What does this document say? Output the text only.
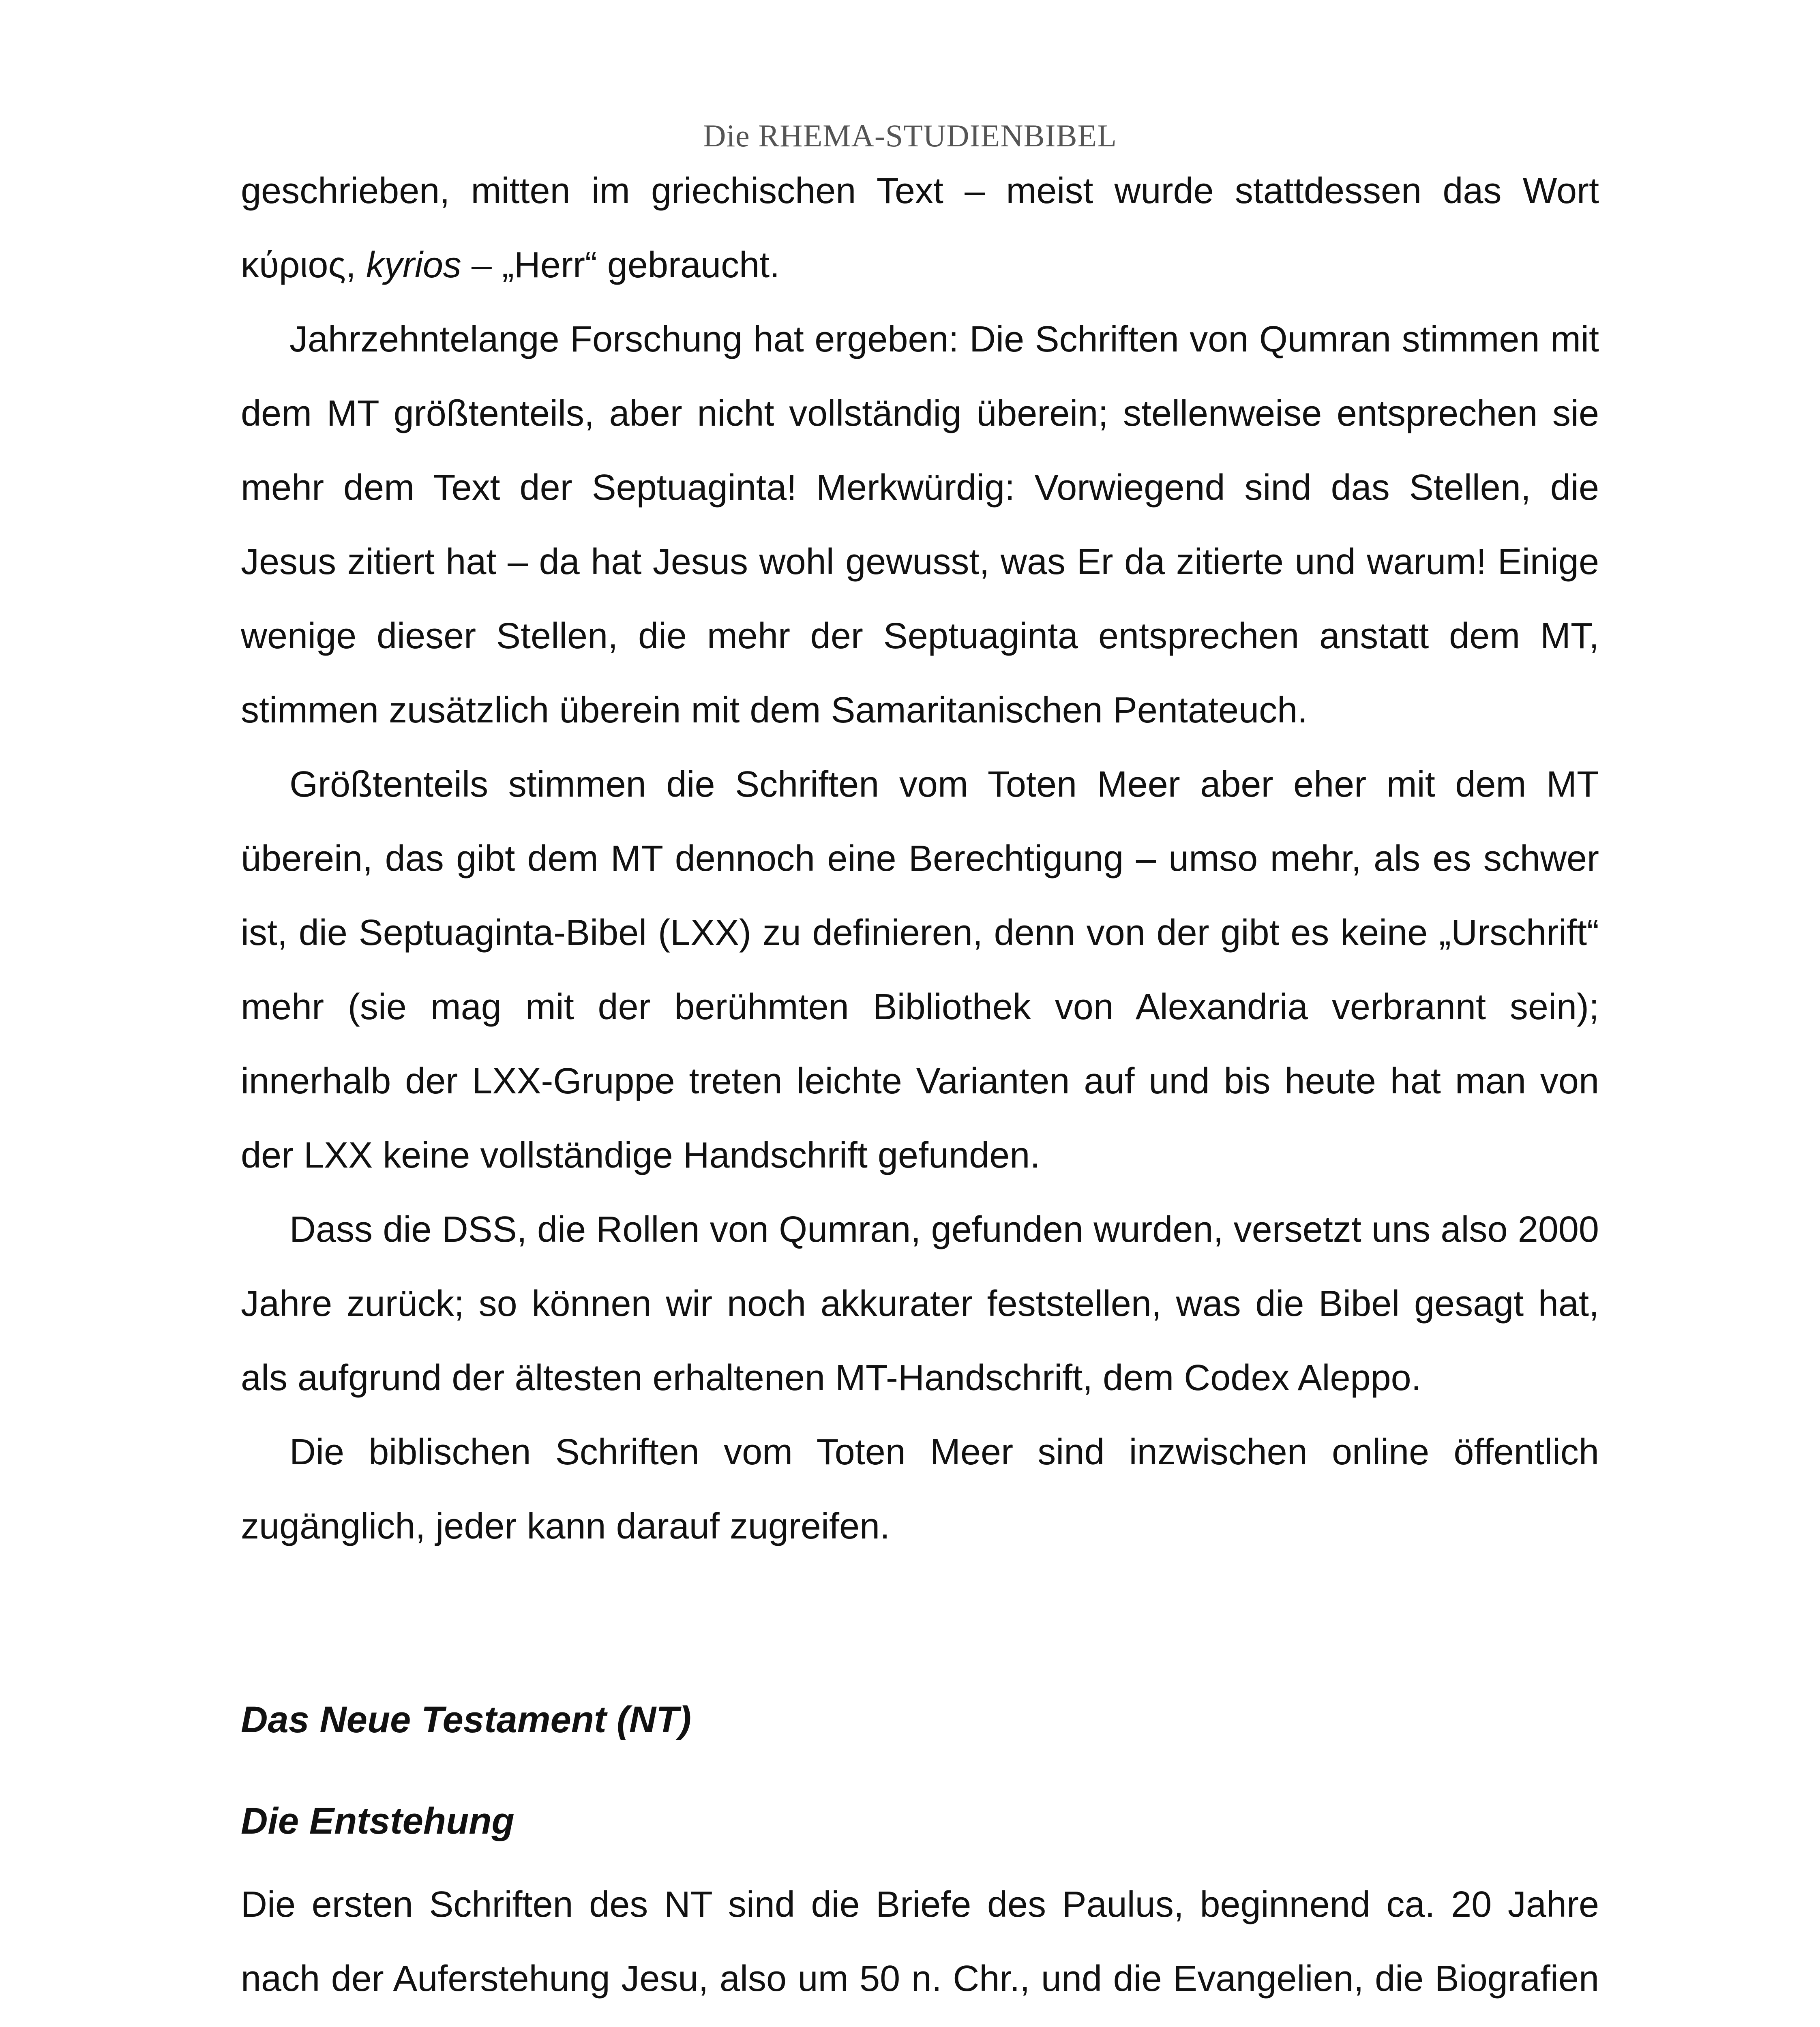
Die RHEMA-STUDIENBIBEL

geschrieben, mitten im griechischen Text – meist wurde stattdessen das Wort κύριος, kyrios – „Herr“ gebraucht.

Jahrzehntelange Forschung hat ergeben: Die Schriften von Qumran stimmen mit dem MT größtenteils, aber nicht vollständig überein; stellenweise entsprechen sie mehr dem Text der Septuaginta! Merkwürdig: Vorwiegend sind das Stellen, die Jesus zitiert hat – da hat Jesus wohl gewusst, was Er da zitierte und warum! Einige wenige dieser Stellen, die mehr der Septuaginta entsprechen anstatt dem MT, stimmen zusätzlich überein mit dem Samaritanischen Pentateuch.

Größtenteils stimmen die Schriften vom Toten Meer aber eher mit dem MT überein, das gibt dem MT dennoch eine Berechtigung – umso mehr, als es schwer ist, die Septuaginta-Bibel (LXX) zu definieren, denn von der gibt es keine „Urschrift“ mehr (sie mag mit der berühmten Bibliothek von Alexandria verbrannt sein); innerhalb der LXX-Gruppe treten leichte Varianten auf und bis heute hat man von der LXX keine vollständige Handschrift gefunden.

Dass die DSS, die Rollen von Qumran, gefunden wurden, versetzt uns also 2000 Jahre zurück; so können wir noch akkurater feststellen, was die Bibel gesagt hat, als aufgrund der ältesten erhaltenen MT-Handschrift, dem Codex Aleppo.

Die biblischen Schriften vom Toten Meer sind inzwischen online öffentlich zugänglich, jeder kann darauf zugreifen.

Das Neue Testament (NT)

Die Entstehung

Die ersten Schriften des NT sind die Briefe des Paulus, beginnend ca. 20 Jahre nach der Auferstehung Jesu, also um 50 n. Chr., und die Evangelien, die Biografien
